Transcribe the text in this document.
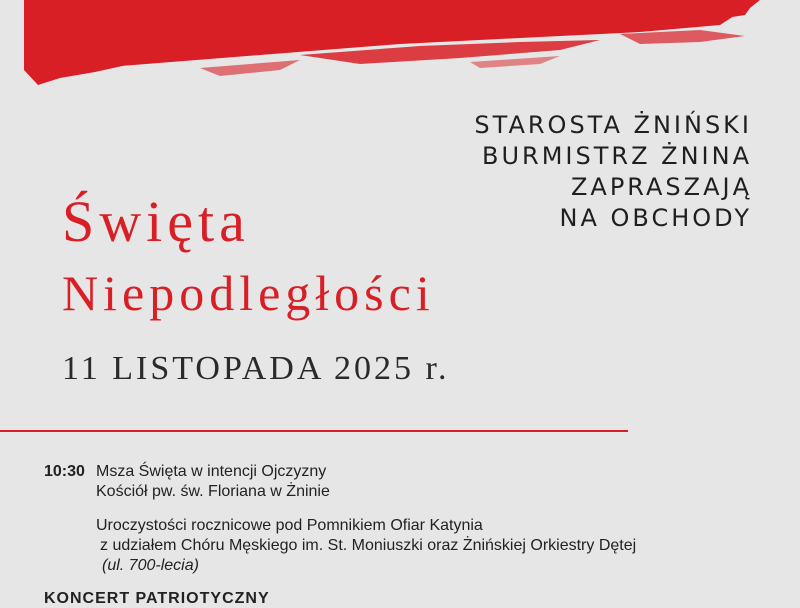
STAROSTA ŻNIŃSKI
BURMISTRZ ŻNINA
ZAPRASZAJĄ
NA OBCHODY
Święta
Niepodległości
11 LISTOPADA 2025 r.
10:30 Msza Święta w intencji Ojczyzny
Kościół pw. św. Floriana w Żninie
Uroczystości rocznicowe pod Pomnikiem Ofiar Katynia
z udziałem Chóru Męskiego im. St. Moniuszki oraz Żnińskiej Orkiestry Dętej
(ul. 700-lecia)
KONCERT PATRIOTYCZNY
